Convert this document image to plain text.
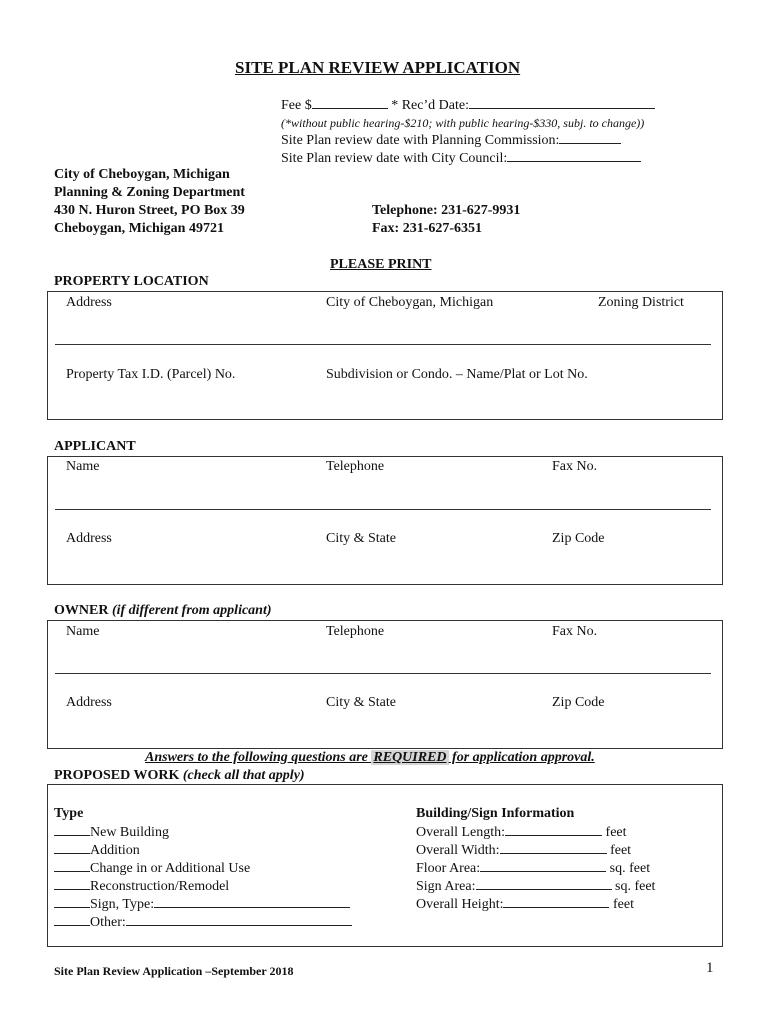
SITE PLAN REVIEW APPLICATION
Fee $	* Rec’d Date:
(*without public hearing-$210; with public hearing-$330, subj. to change))
Site Plan review date with Planning Commission:
Site Plan review date with City Council:
City of Cheboygan, Michigan
Planning & Zoning Department
430 N. Huron Street, PO Box 39
Cheboygan, Michigan 49721
Telephone: 231-627-9931
Fax: 231-627-6351
PLEASE PRINT
PROPERTY LOCATION
Address	City of Cheboygan, Michigan	Zoning District
Property Tax I.D. (Parcel) No.	Subdivision or Condo. – Name/Plat or Lot No.
APPLICANT
Name	Telephone	Fax No.
Address	City & State	Zip Code
OWNER (if different from applicant)
Name	Telephone	Fax No.
Address	City & State	Zip Code
Answers to the following questions are REQUIRED for application approval.
PROPOSED WORK (check all that apply)
Type
New Building
Addition
Change in or Additional Use
Reconstruction/Remodel
Sign, Type:
Other:
Building/Sign Information
Overall Length:	feet
Overall Width:	feet
Floor Area:	sq. feet
Sign Area:	sq. feet
Overall Height:	feet
Site Plan Review Application –September 2018	1
